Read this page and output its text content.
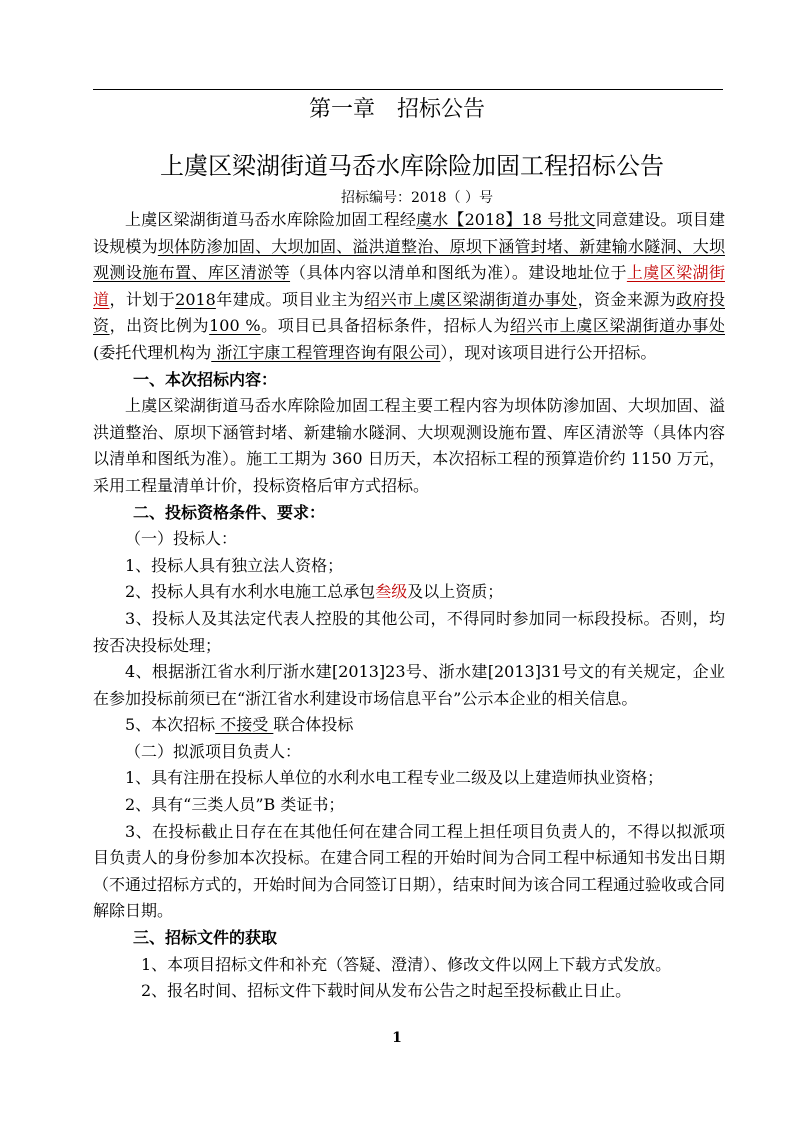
第一章 招标公告
上虞区梁湖街道马岙水库除险加固工程招标公告
招标编号：2018（ ）号

上虞区梁湖街道马岙水库除险加固工程经虞水【2018】18 号批文同意建设。项目建设规模为坝体防渗加固、大坝加固、溢洪道整治、原坝下涵管封堵、新建输水隧洞、大坝观测设施布置、库区清淤等（具体内容以清单和图纸为准）。建设地址位于上虞区梁湖街道，计划于2018年建成。项目业主为绍兴市上虞区梁湖街道办事处，资金来源为政府投资，出资比例为100 %。项目已具备招标条件，招标人为绍兴市上虞区梁湖街道办事处(委托代理机构为 浙江宇康工程管理咨询有限公司），现对该项目进行公开招标。

一、本次招标内容：

上虞区梁湖街道马岙水库除险加固工程主要工程内容为坝体防渗加固、大坝加固、溢洪道整治、原坝下涵管封堵、新建输水隧洞、大坝观测设施布置、库区清淤等（具体内容以清单和图纸为准）。施工工期为 360 日历天，本次招标工程的预算造价约 1150 万元，采用工程量清单计价，投标资格后审方式招标。

二、投标资格条件、要求：

（一）投标人：

1、投标人具有独立法人资格；

2、投标人具有水利水电施工总承包叁级及以上资质；

3、投标人及其法定代表人控股的其他公司，不得同时参加同一标段投标。否则，均按否决投标处理；

4、根据浙江省水利厅浙水建[2013]23号、浙水建[2013]31号文的有关规定，企业在参加投标前须已在“浙江省水利建设市场信息平台”公示本企业的相关信息。

5、本次招标 不接受 联合体投标

（二）拟派项目负责人：

1、具有注册在投标人单位的水利水电工程专业二级及以上建造师执业资格；

2、具有“三类人员”B 类证书；

3、在投标截止日存在在其他任何在建合同工程上担任项目负责人的，不得以拟派项目负责人的身份参加本次投标。在建合同工程的开始时间为合同工程中标通知书发出日期（不通过招标方式的，开始时间为合同签订日期），结束时间为该合同工程通过验收或合同解除日期。

三、招标文件的获取

1、本项目招标文件和补充（答疑、澄清）、修改文件以网上下载方式发放。

2、报名时间、招标文件下载时间从发布公告之时起至投标截止日止。

1
